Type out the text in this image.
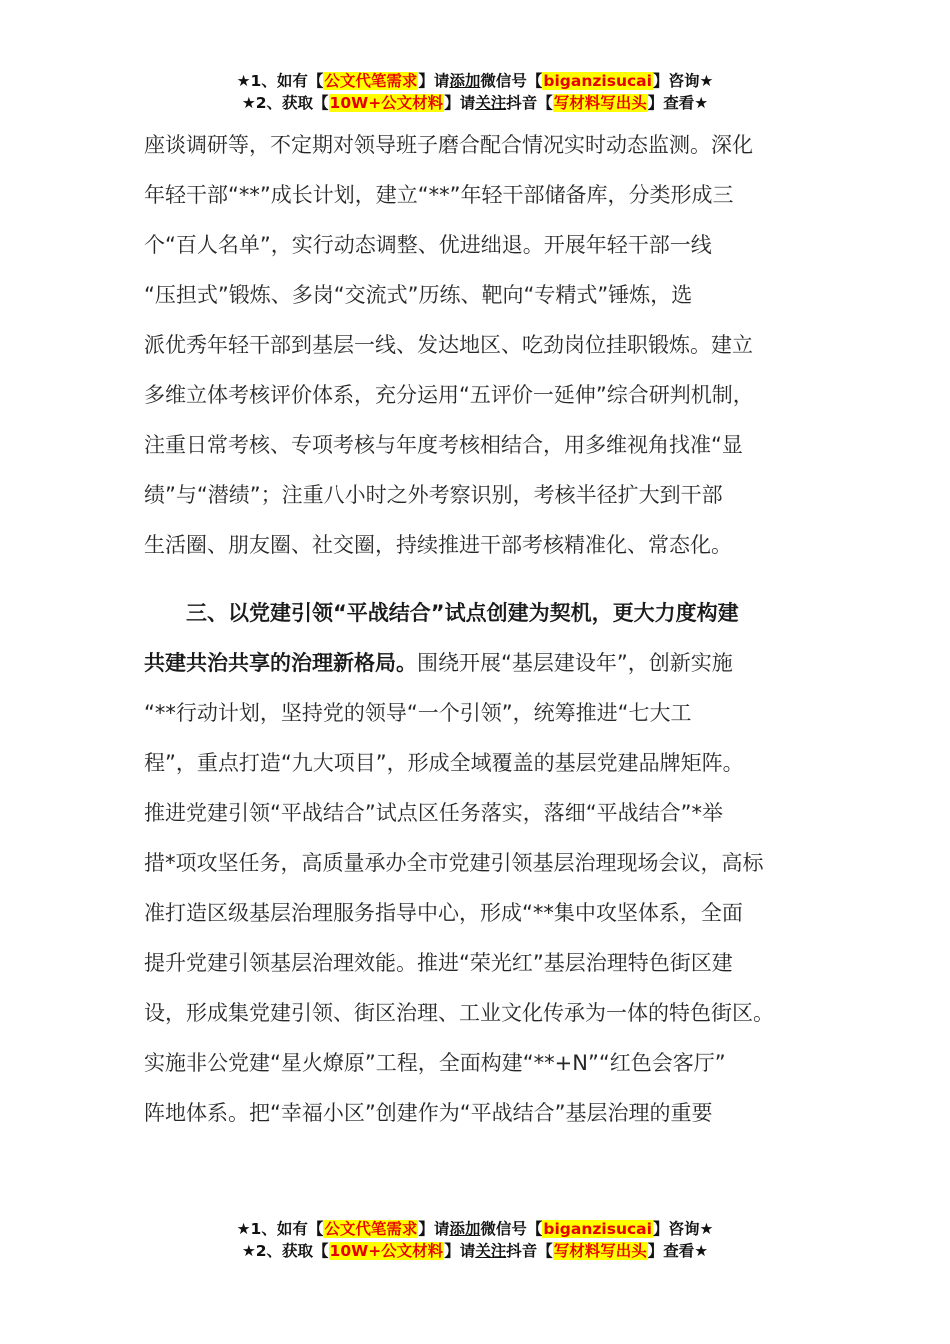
★1、如有【公文代笔需求】请添加微信号【biganzisucai】咨询★
★2、获取【10W+公文材料】请关注抖音【写材料写出头】查看★
座谈调研等，不定期对领导班子磨合配合情况实时动态监测。深化
年轻干部“**”成长计划，建立“**”年轻干部储备库，分类形成三
个“百人名单”，实行动态调整、优进绌退。开展年轻干部一线
“压担式”锻炼、多岗“交流式”历练、靶向“专精式”锤炼，选
派优秀年轻干部到基层一线、发达地区、吃劲岗位挂职锻炼。建立
多维立体考核评价体系，充分运用“五评价一延伸”综合研判机制，
注重日常考核、专项考核与年度考核相结合，用多维视角找准“显
绩”与“潜绩”；注重八小时之外考察识别，考核半径扩大到干部
生活圈、朋友圈、社交圈，持续推进干部考核精准化、常态化。
　　三、以党建引领“平战结合”试点创建为契机，更大力度构建
共建共治共享的治理新格局。围绕开展“基层建设年”，创新实施
“**行动计划，坚持党的领导“一个引领”，统筹推进“七大工
程”，重点打造“九大项目”，形成全域覆盖的基层党建品牌矩阵。
推进党建引领“平战结合”试点区任务落实，落细“平战结合”*举
措*项攻坚任务，高质量承办全市党建引领基层治理现场会议，高标
准打造区级基层治理服务指导中心，形成“**集中攻坚体系，全面
提升党建引领基层治理效能。推进“荣光红”基层治理特色街区建
设，形成集党建引领、街区治理、工业文化传承为一体的特色街区。
实施非公党建“星火燎原”工程，全面构建“**+N”“红色会客厅”
阵地体系。把“幸福小区”创建作为“平战结合”基层治理的重要
★1、如有【公文代笔需求】请添加微信号【biganzisucai】咨询★
★2、获取【10W+公文材料】请关注抖音【写材料写出头】查看★
